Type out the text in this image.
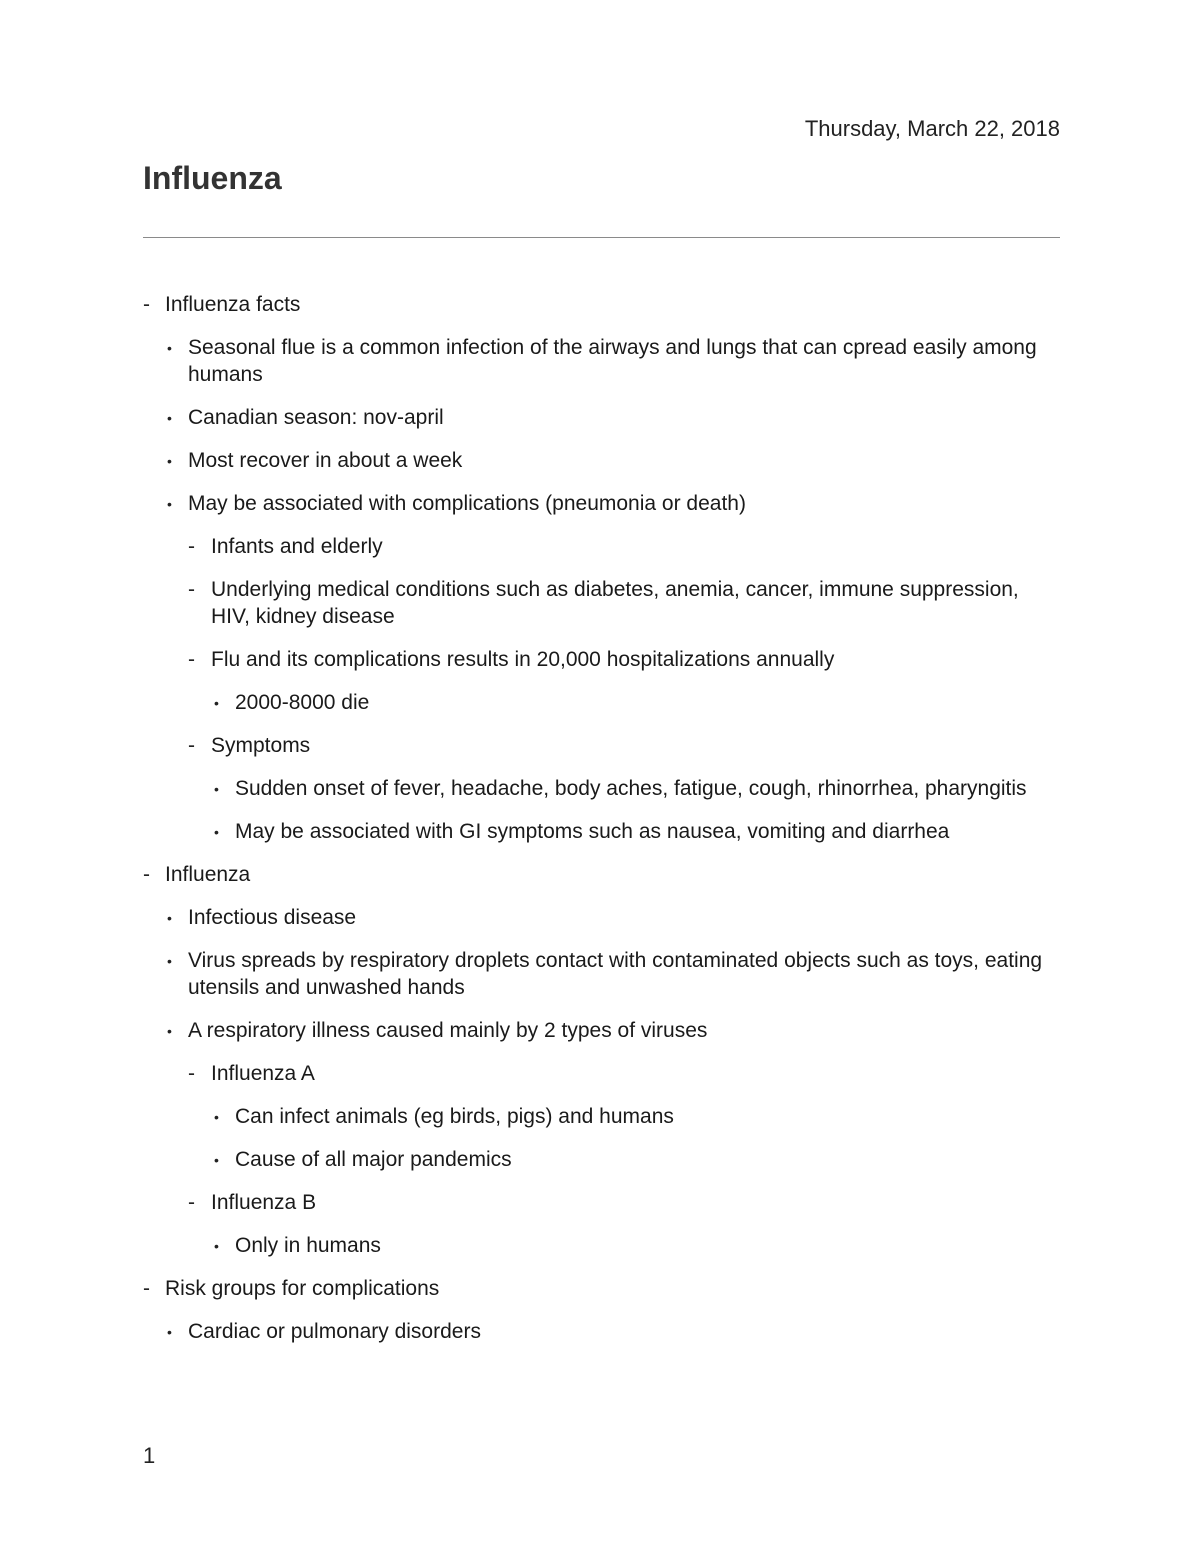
Thursday, March 22, 2018
Influenza
- Influenza facts
• Seasonal flue is a common infection of the airways and lungs that can cpread easily among humans
• Canadian season: nov-april
• Most recover in about a week
• May be associated with complications (pneumonia or death)
- Infants and elderly
- Underlying medical conditions such as diabetes, anemia, cancer, immune suppression, HIV, kidney disease
- Flu and its complications results in 20,000 hospitalizations annually
• 2000-8000 die
- Symptoms
• Sudden onset of fever, headache, body aches, fatigue, cough, rhinorrhea, pharyngitis
• May be associated with GI symptoms such as nausea, vomiting and diarrhea
- Influenza
• Infectious disease
• Virus spreads by respiratory droplets contact with contaminated objects such as toys, eating utensils and unwashed hands
• A respiratory illness caused mainly by 2 types of viruses
- Influenza A
• Can infect animals (eg birds, pigs) and humans
• Cause of all major pandemics
- Influenza B
• Only in humans
- Risk groups for complications
• Cardiac or pulmonary disorders
1
